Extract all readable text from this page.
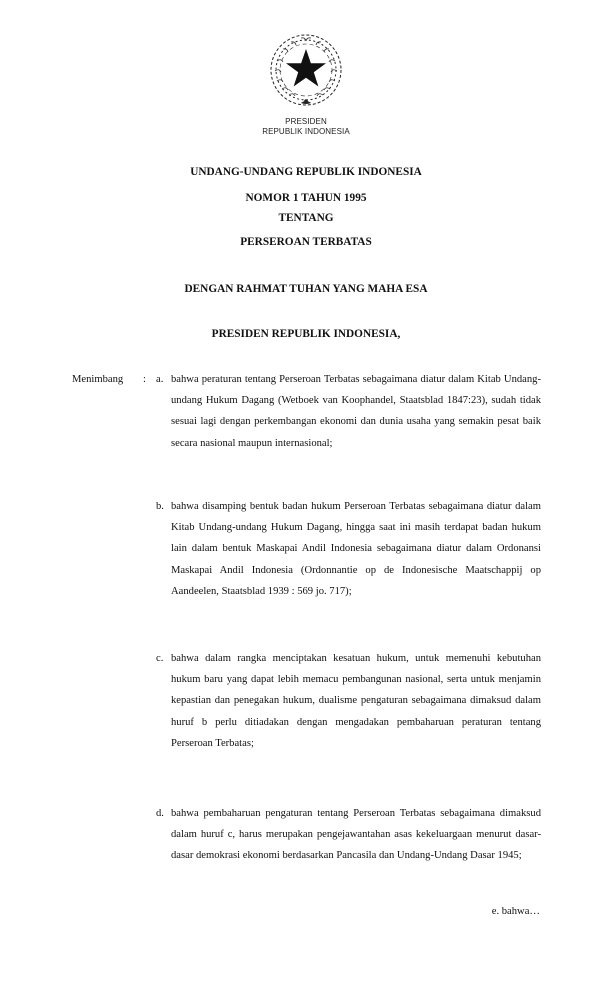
PRESIDEN
REPUBLIK INDONESIA
UNDANG-UNDANG REPUBLIK INDONESIA
NOMOR 1 TAHUN 1995
TENTANG
PERSEROAN TERBATAS
DENGAN RAHMAT TUHAN YANG MAHA ESA
PRESIDEN REPUBLIK INDONESIA,
Menimbang : a. bahwa peraturan tentang Perseroan Terbatas sebagaimana diatur dalam Kitab Undang-undang Hukum Dagang (Wetboek van Koophandel, Staatsblad 1847:23), sudah tidak sesuai lagi dengan perkembangan ekonomi dan dunia usaha yang semakin pesat baik secara nasional maupun internasional;
b. bahwa disamping bentuk badan hukum Perseroan Terbatas sebagaimana diatur dalam Kitab Undang-undang Hukum Dagang, hingga saat ini masih terdapat badan hukum lain dalam bentuk Maskapai Andil Indonesia sebagaimana diatur dalam Ordonansi Maskapai Andil Indonesia (Ordonnantie op de Indonesische Maatschappij op Aandeelen, Staatsblad 1939 : 569 jo. 717);
c. bahwa dalam rangka menciptakan kesatuan hukum, untuk memenuhi kebutuhan hukum baru yang dapat lebih memacu pembangunan nasional, serta untuk menjamin kepastian dan penegakan hukum, dualisme pengaturan sebagaimana dimaksud dalam huruf b perlu ditiadakan dengan mengadakan pembaharuan peraturan tentang Perseroan Terbatas;
d. bahwa pembaharuan pengaturan tentang Perseroan Terbatas sebagaimana dimaksud dalam huruf c, harus merupakan pengejawantahan asas kekeluargaan menurut dasar-dasar demokrasi ekonomi berdasarkan Pancasila dan Undang-Undang Dasar 1945;
e. bahwa…
